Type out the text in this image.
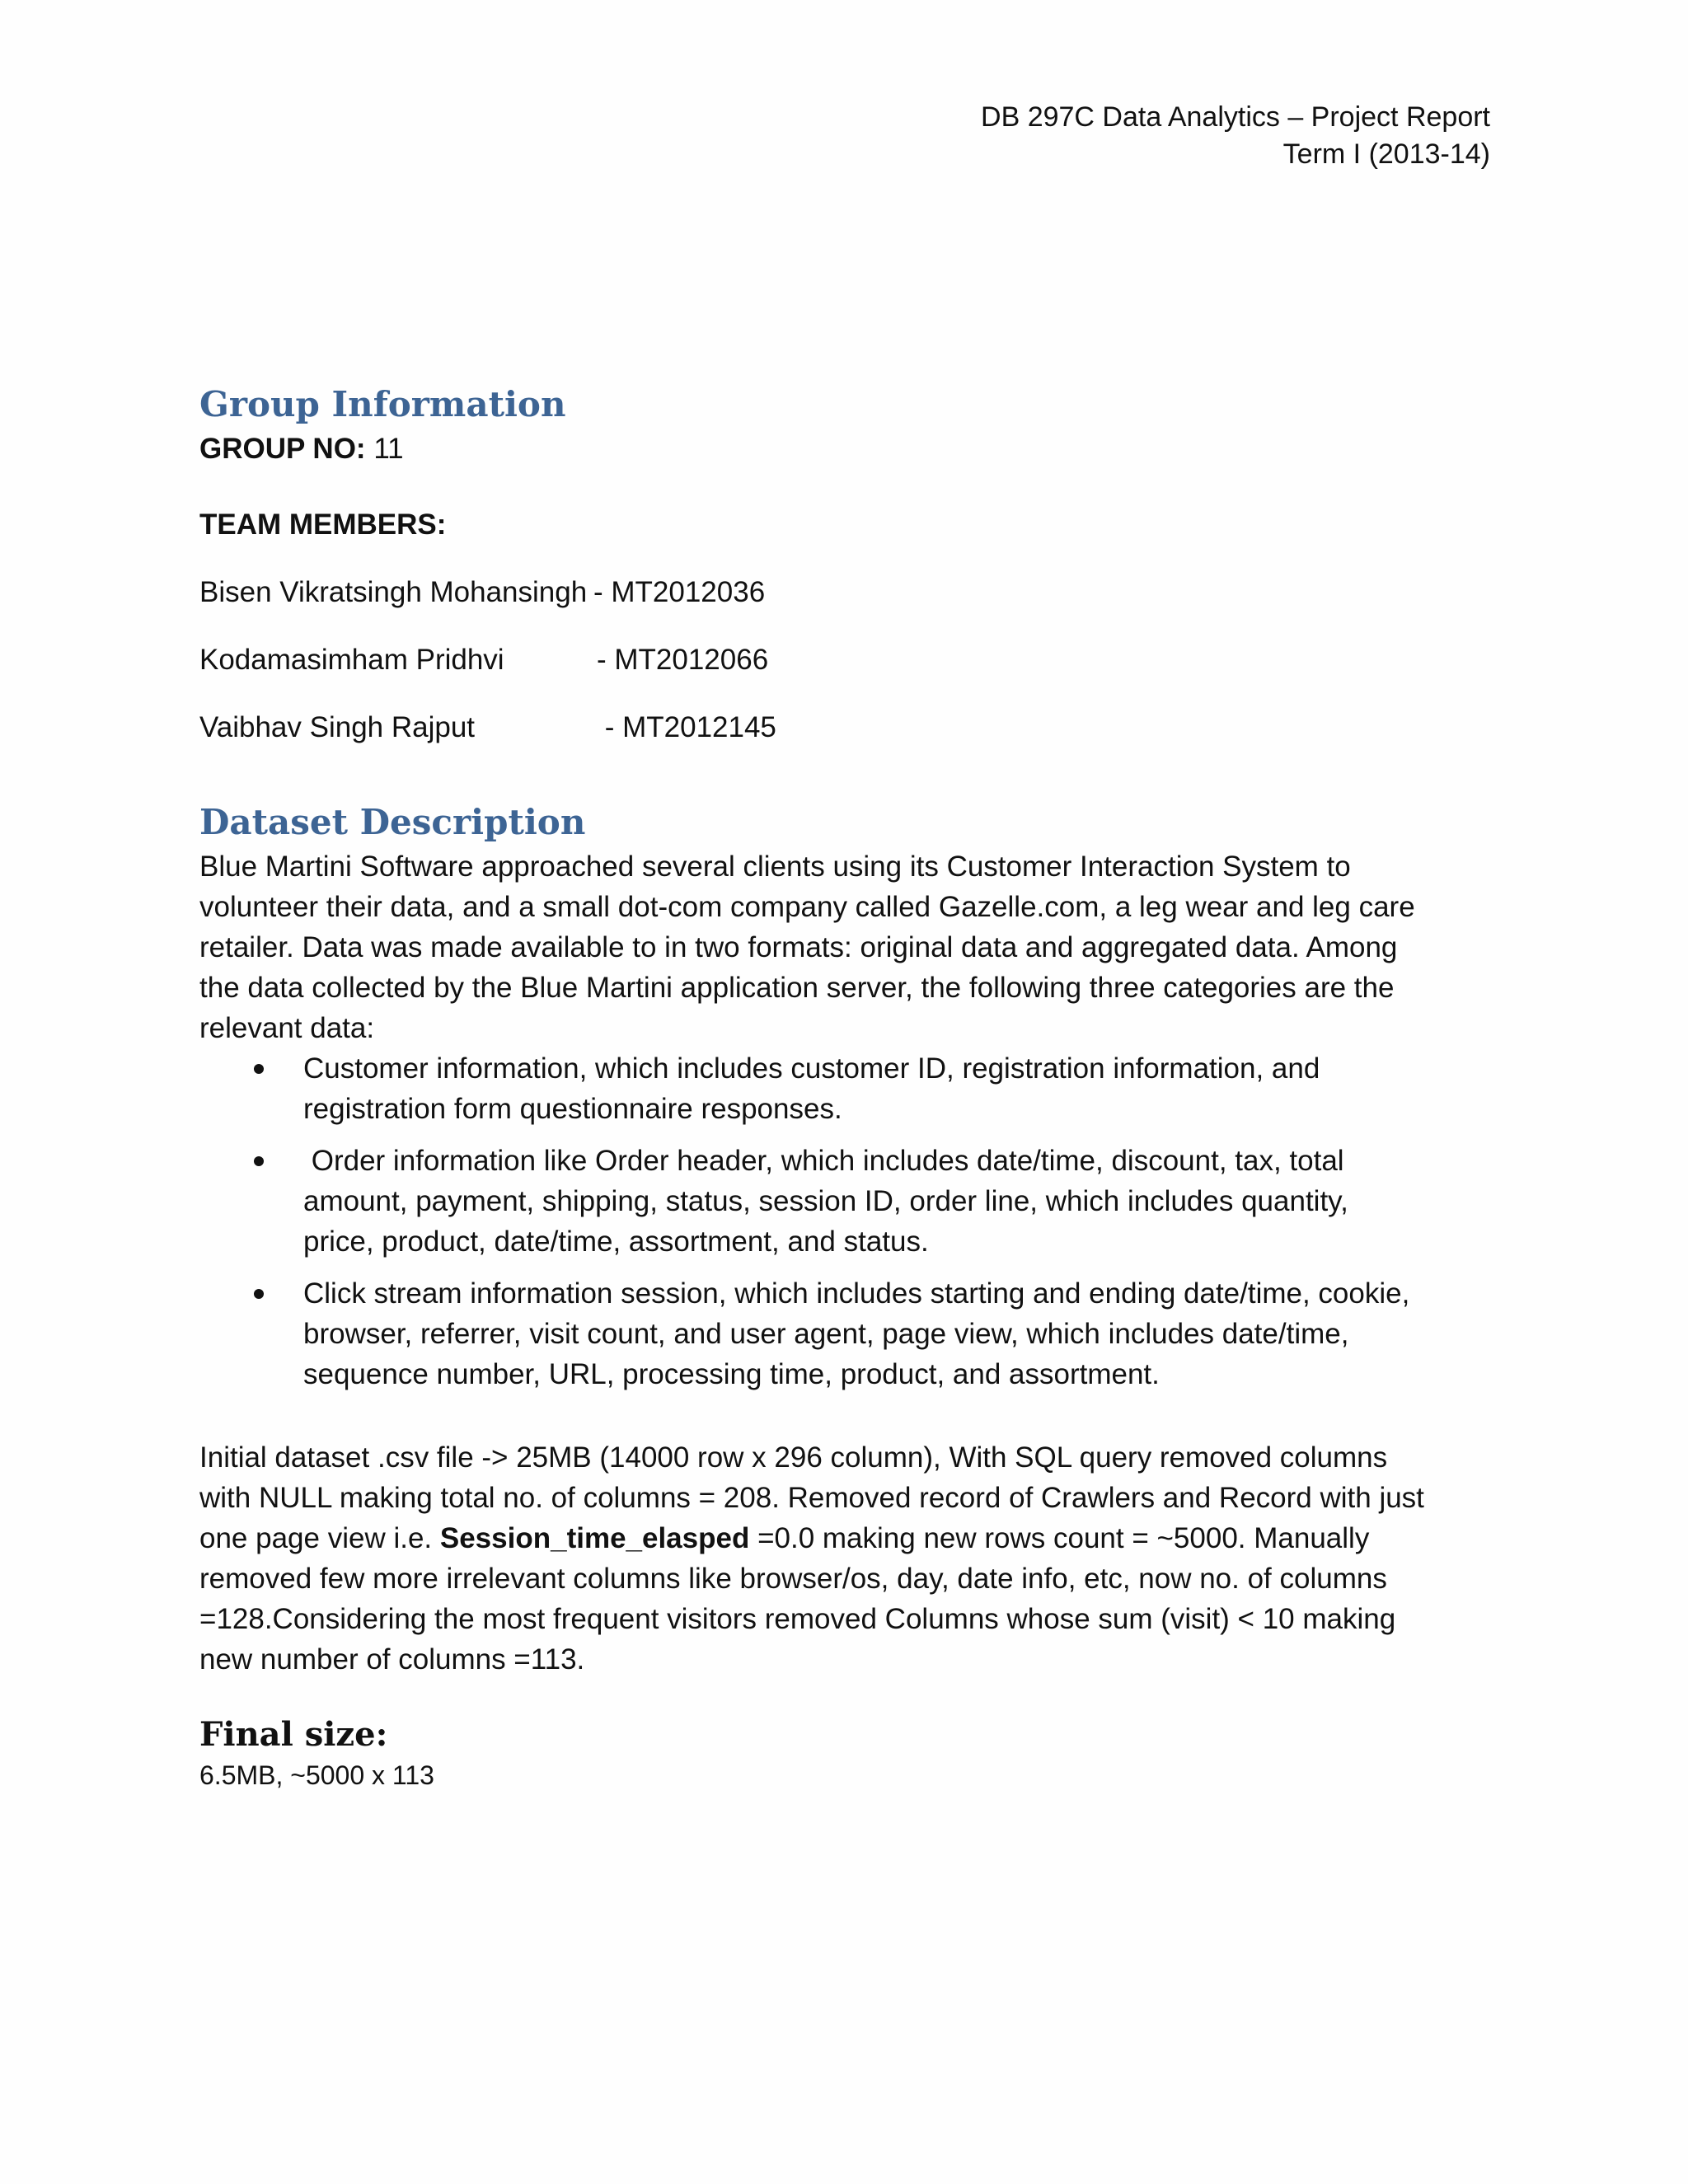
DB 297C Data Analytics – Project Report
Term I (2013-14)
Group Information

GROUP NO: 11

TEAM MEMBERS:

Bisen Vikratsingh Mohansingh - MT2012036
Kodamasimham Pridhvi	- MT2012066
Vaibhav Singh Rajput	- MT2012145
Dataset Description

Blue Martini Software approached several clients using its Customer Interaction System to

volunteer their data, and a small dot-com company called Gazelle.com, a leg wear and leg care

retailer. Data was made available to in two formats: original data and aggregated data. Among

the data collected by the Blue Martini application server, the following three categories are the

relevant data:

Customer information, which includes customer ID, registration information, and
registration form questionnaire responses.
Order information like Order header, which includes date/time, discount, tax, total
amount, payment, shipping, status, session ID, order line, which includes quantity,
price, product, date/time, assortment, and status.
Click stream information session, which includes starting and ending date/time, cookie,
browser, referrer, visit count, and user agent, page view, which includes date/time,
sequence number, URL, processing time, product, and assortment.

Initial dataset .csv file -> 25MB (14000 row x 296 column), With SQL query removed columns

with NULL making total no. of columns = 208. Removed record of Crawlers and Record with just

one page view i.e. Session_time_elasped =0.0 making new rows count = ~5000. Manually

removed few more irrelevant columns like browser/os, day, date info, etc, now no. of columns

=128.Considering the most frequent visitors removed Columns whose sum (visit) < 10 making

new number of columns =113.

Final size:

6.5MB, ~5000 x 113
